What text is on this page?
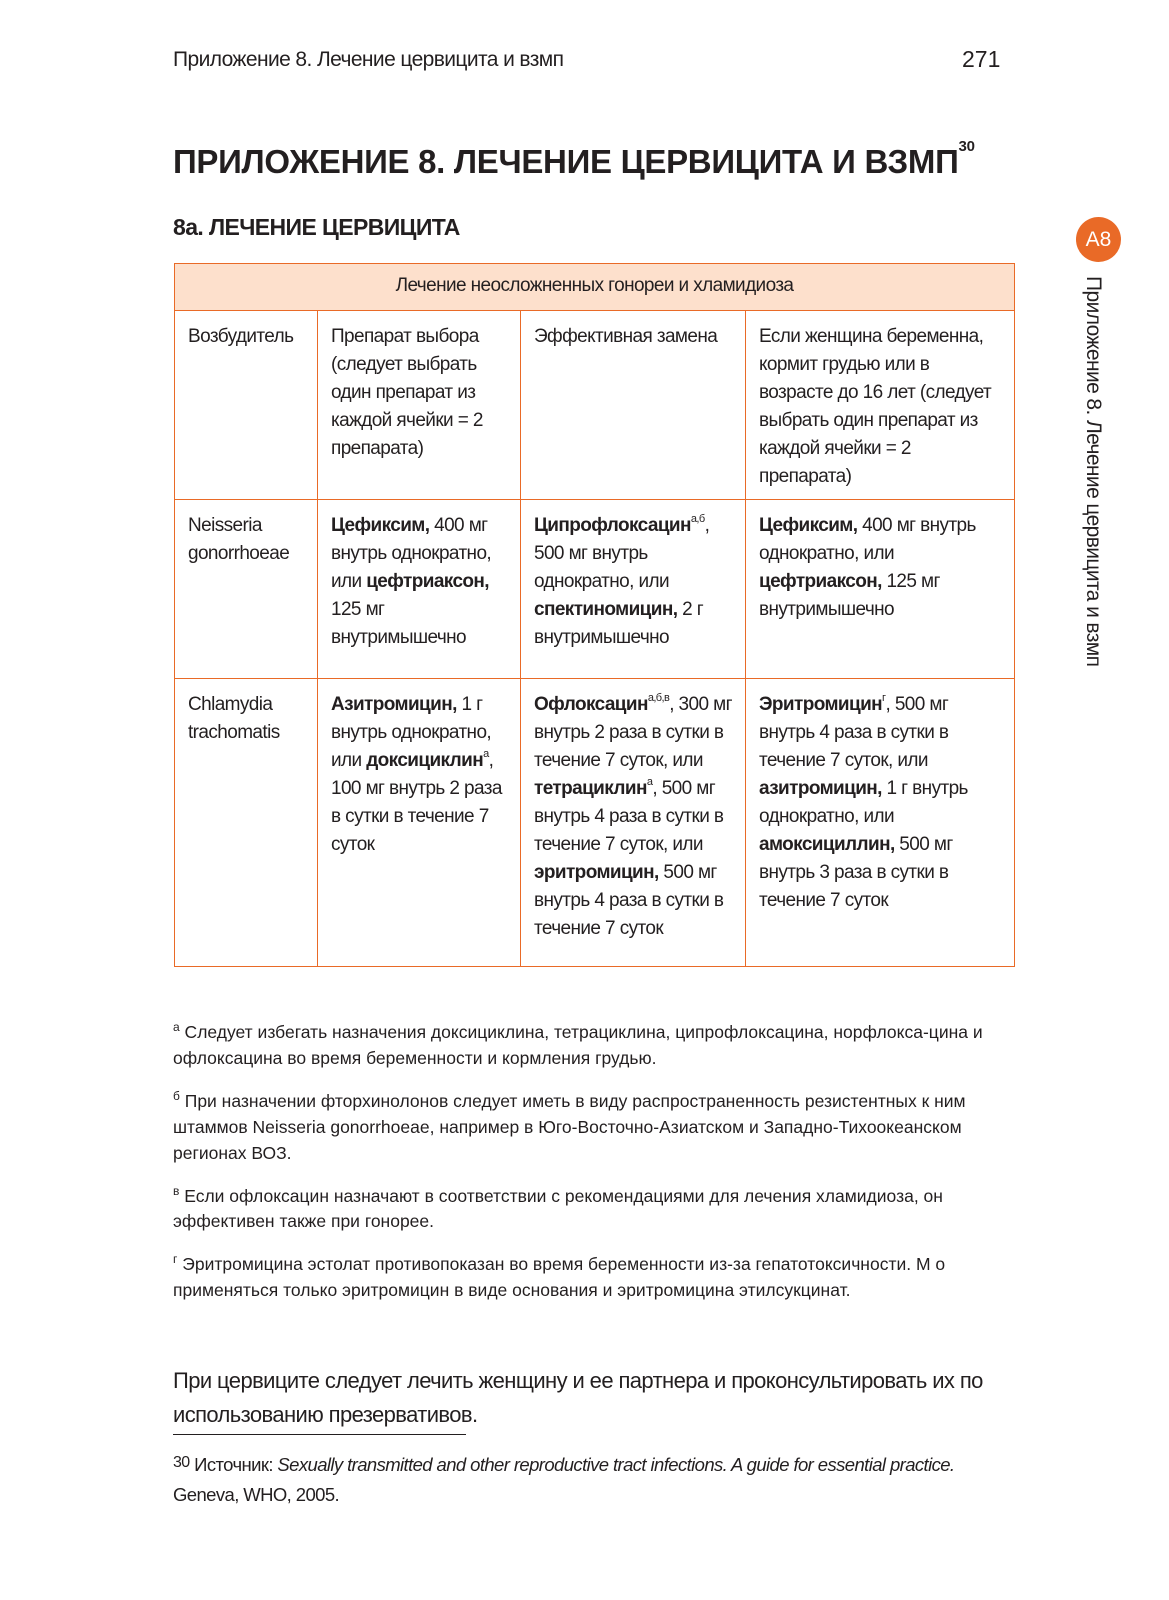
Приложение 8. Лечение цервицита и взмп	271
ПРИЛОЖЕНИЕ 8. ЛЕЧЕНИЕ ЦЕРВИЦИТА И ВЗМП$^{30}$
8а. ЛЕЧЕНИЕ ЦЕРВИЦИТА	А8
Приложение 8. Лечение цервицита и взмп
Лечение неосложненных гонореи и хламидиоза			
Возбудитель	Препарат выбора (следует выбрать один препарат из каждой ячейки = 2 препарата)	Эффективная замена	Если женщина беременна, кормит грудью или в возрасте до 16 лет (следует выбрать один препарат из каждой ячейки = 2 препарата)
Neisseria gonorrhoeae	Цефиксим, 400 мг внутрь однократно, или цефтриаксон, 125 мг внутримышечно	Ципрофлоксацин$^{а,б}$, 500 мг внутрь однократно, или спектиномицин, 2 г внутримышечно	Цефиксим, 400 мг внутрь однократно, или цефтриаксон, 125 мг внутримышечно
Chlamydia trachomatis	Азитромицин, 1 г внутрь однократно, или доксициклин$^а$, 100 мг внутрь 2 раза в сутки в течение 7 суток	Офлоксацин$^{а,б,в}$, 300 мг внутрь 2 раза в сутки в течение 7 суток, или тетрациклин$^а$, 500 мг внутрь 4 раза в сутки в течение 7 суток, или эритромицин, 500 мг внутрь 4 раза в сутки в течение 7 суток	Эритромицин$^г$, 500 мг внутрь 4 раза в сутки в течение 7 суток, или азитромицин, 1 г внутрь однократно, или амоксициллин, 500 мг внутрь 3 раза в сутки в течение 7 суток

$^а$ Следует избегать назначения доксициклина, тетрациклина, ципрофлоксацина, норфлокса-цина и офлоксацина во время беременности и кормления грудью.

$^б$ При назначении фторхинолонов следует иметь в виду распространенность резистентных к ним штаммов Neisseria gonorrhoeae, например в Юго-Восточно-Азиатском и Западно-Тихоокеанском регионах ВОЗ.

$^в$ Если офлоксацин назначают в соответствии с рекомендациями для лечения хламидиоза, он эффективен также при гонорее.

$^г$ Эритромицина эстолат противопоказан во время беременности из-за гепатотоксичности. М о применяться только эритромицин в виде основания и эритромицина этилсукцинат.

При цервиците следует лечить женщину и ее партнера и проконсультировать их по использованию презервативов.

$^{30}$ Источник: Sexually transmitted and other reproductive tract infections. A guide for essential practice. Geneva, WHO, 2005.
